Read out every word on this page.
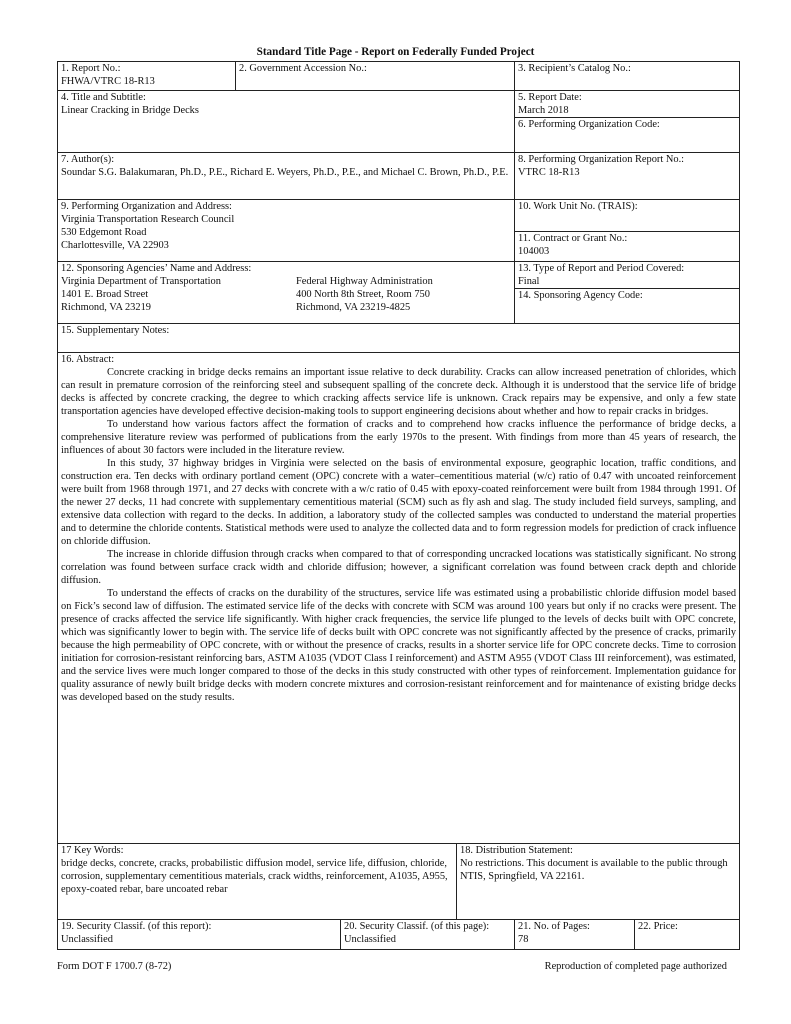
Standard Title Page - Report on Federally Funded Project
1. Report No.:
FHWA/VTRC 18-R13

2. Government Accession No.:	3. Recipient’s Catalog No.:

4. Title and Subtitle:
Linear Cracking in Bridge Decks

5. Report Date:
March 2018
6. Performing Organization Code:

7. Author(s):
Soundar S.G. Balakumaran, Ph.D., P.E., Richard E. Weyers, Ph.D., P.E., and Michael C. Brown, Ph.D., P.E.

8. Performing Organization Report No.:
VTRC 18-R13

9. Performing Organization and Address:
Virginia Transportation Research Council
530 Edgemont Road
Charlottesville, VA 22903

10. Work Unit No. (TRAIS):
11. Contract or Grant No.:
104003

12. Sponsoring Agencies’ Name and Address:
Virginia Department of Transportation	Federal Highway Administration
1401 E. Broad Street	400 North 8th Street, Room 750
Richmond, VA 23219	Richmond, VA 23219-4825

13. Type of Report and Period Covered:
Final
14. Sponsoring Agency Code:

15. Supplementary Notes:

16. Abstract:

Concrete cracking in bridge decks remains an important issue relative to deck durability. Cracks can allow increased penetration of chlorides, which can result in premature corrosion of the reinforcing steel and subsequent spalling of the concrete deck. Although it is understood that the service life of bridge decks is affected by concrete cracking, the degree to which cracking affects service life is unknown. Crack repairs may be expensive, and only a few state transportation agencies have developed effective decision-making tools to support engineering decisions about whether and how to repair cracks in bridges.

To understand how various factors affect the formation of cracks and to comprehend how cracks influence the performance of bridge decks, a comprehensive literature review was performed of publications from the early 1970s to the present. With findings from more than 45 years of research, the influences of about 30 factors were included in the literature review.

In this study, 37 highway bridges in Virginia were selected on the basis of environmental exposure, geographic location, traffic conditions, and construction era. Ten decks with ordinary portland cement (OPC) concrete with a water–cementitious material (w/c) ratio of 0.47 with uncoated reinforcement were built from 1968 through 1971, and 27 decks with concrete with a w/c ratio of 0.45 with epoxy-coated reinforcement were built from 1984 through 1991. Of the newer 27 decks, 11 had concrete with supplementary cementitious material (SCM) such as fly ash and slag. The study included field surveys, sampling, and extensive data collection with regard to the decks. In addition, a laboratory study of the collected samples was conducted to understand the material properties and to determine the chloride contents. Statistical methods were used to analyze the collected data and to form regression models for prediction of crack influence on chloride diffusion.

The increase in chloride diffusion through cracks when compared to that of corresponding uncracked locations was statistically significant. No strong correlation was found between surface crack width and chloride diffusion; however, a significant correlation was found between crack depth and chloride diffusion.

To understand the effects of cracks on the durability of the structures, service life was estimated using a probabilistic chloride diffusion model based on Fick’s second law of diffusion. The estimated service life of the decks with concrete with SCM was around 100 years but only if no cracks were present. The presence of cracks affected the service life significantly. With higher crack frequencies, the service life plunged to the levels of decks built with OPC concrete, which was significantly lower to begin with. The service life of decks built with OPC concrete was not significantly affected by the presence of cracks, primarily because the high permeability of OPC concrete, with or without the presence of cracks, results in a shorter service life for OPC concrete decks. Time to corrosion initiation for corrosion-resistant reinforcing bars, ASTM A1035 (VDOT Class I reinforcement) and ASTM A955 (VDOT Class III reinforcement), was estimated, and the service lives were much longer compared to those of the decks in this study constructed with other types of reinforcement. Implementation guidance for quality assurance of newly built bridge decks with modern concrete mixtures and corrosion-resistant reinforcement and for maintenance of existing bridge decks was developed based on the study results.

17 Key Words:
bridge decks, concrete, cracks, probabilistic diffusion model, service life, diffusion, chloride, corrosion, supplementary cementitious materials, crack widths, reinforcement, A1035, A955, epoxy-coated rebar, bare uncoated rebar

18. Distribution Statement:
No restrictions. This document is available to the public through NTIS, Springfield, VA 22161.

19. Security Classif. (of this report):
Unclassified

20. Security Classif. (of this page):
Unclassified

21. No. of Pages:
78

22. Price:
Form DOT F 1700.7 (8-72)	Reproduction of completed page authorized
